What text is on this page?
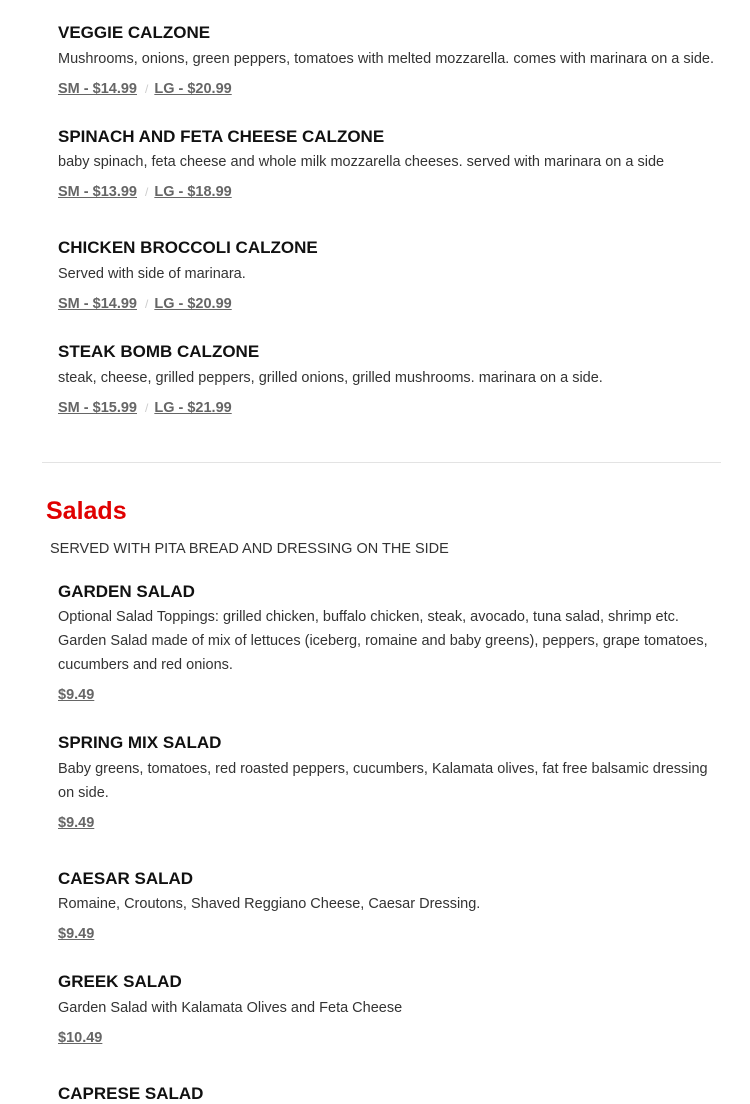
VEGGIE CALZONE
Mushrooms, onions, green peppers, tomatoes with melted mozzarella. comes with marinara on a side.
SM - $14.99 / LG - $20.99
SPINACH AND FETA CHEESE CALZONE
baby spinach, feta cheese and whole milk mozzarella cheeses. served with marinara on a side
SM - $13.99 / LG - $18.99
CHICKEN BROCCOLI CALZONE
Served with side of marinara.
SM - $14.99 / LG - $20.99
STEAK BOMB CALZONE
steak, cheese, grilled peppers, grilled onions, grilled mushrooms. marinara on a side.
SM - $15.99 / LG - $21.99
Salads
SERVED WITH PITA BREAD AND DRESSING ON THE SIDE
GARDEN SALAD
Optional Salad Toppings: grilled chicken, buffalo chicken, steak, avocado, tuna salad, shrimp etc. Garden Salad made of mix of lettuces (iceberg, romaine and baby greens), peppers, grape tomatoes, cucumbers and red onions.
$9.49
SPRING MIX SALAD
Baby greens, tomatoes, red roasted peppers, cucumbers, Kalamata olives, fat free balsamic dressing on side.
$9.49
CAESAR SALAD
Romaine, Croutons, Shaved Reggiano Cheese, Caesar Dressing.
$9.49
GREEK SALAD
Garden Salad with Kalamata Olives and Feta Cheese
$10.49
CAPRESE SALAD
